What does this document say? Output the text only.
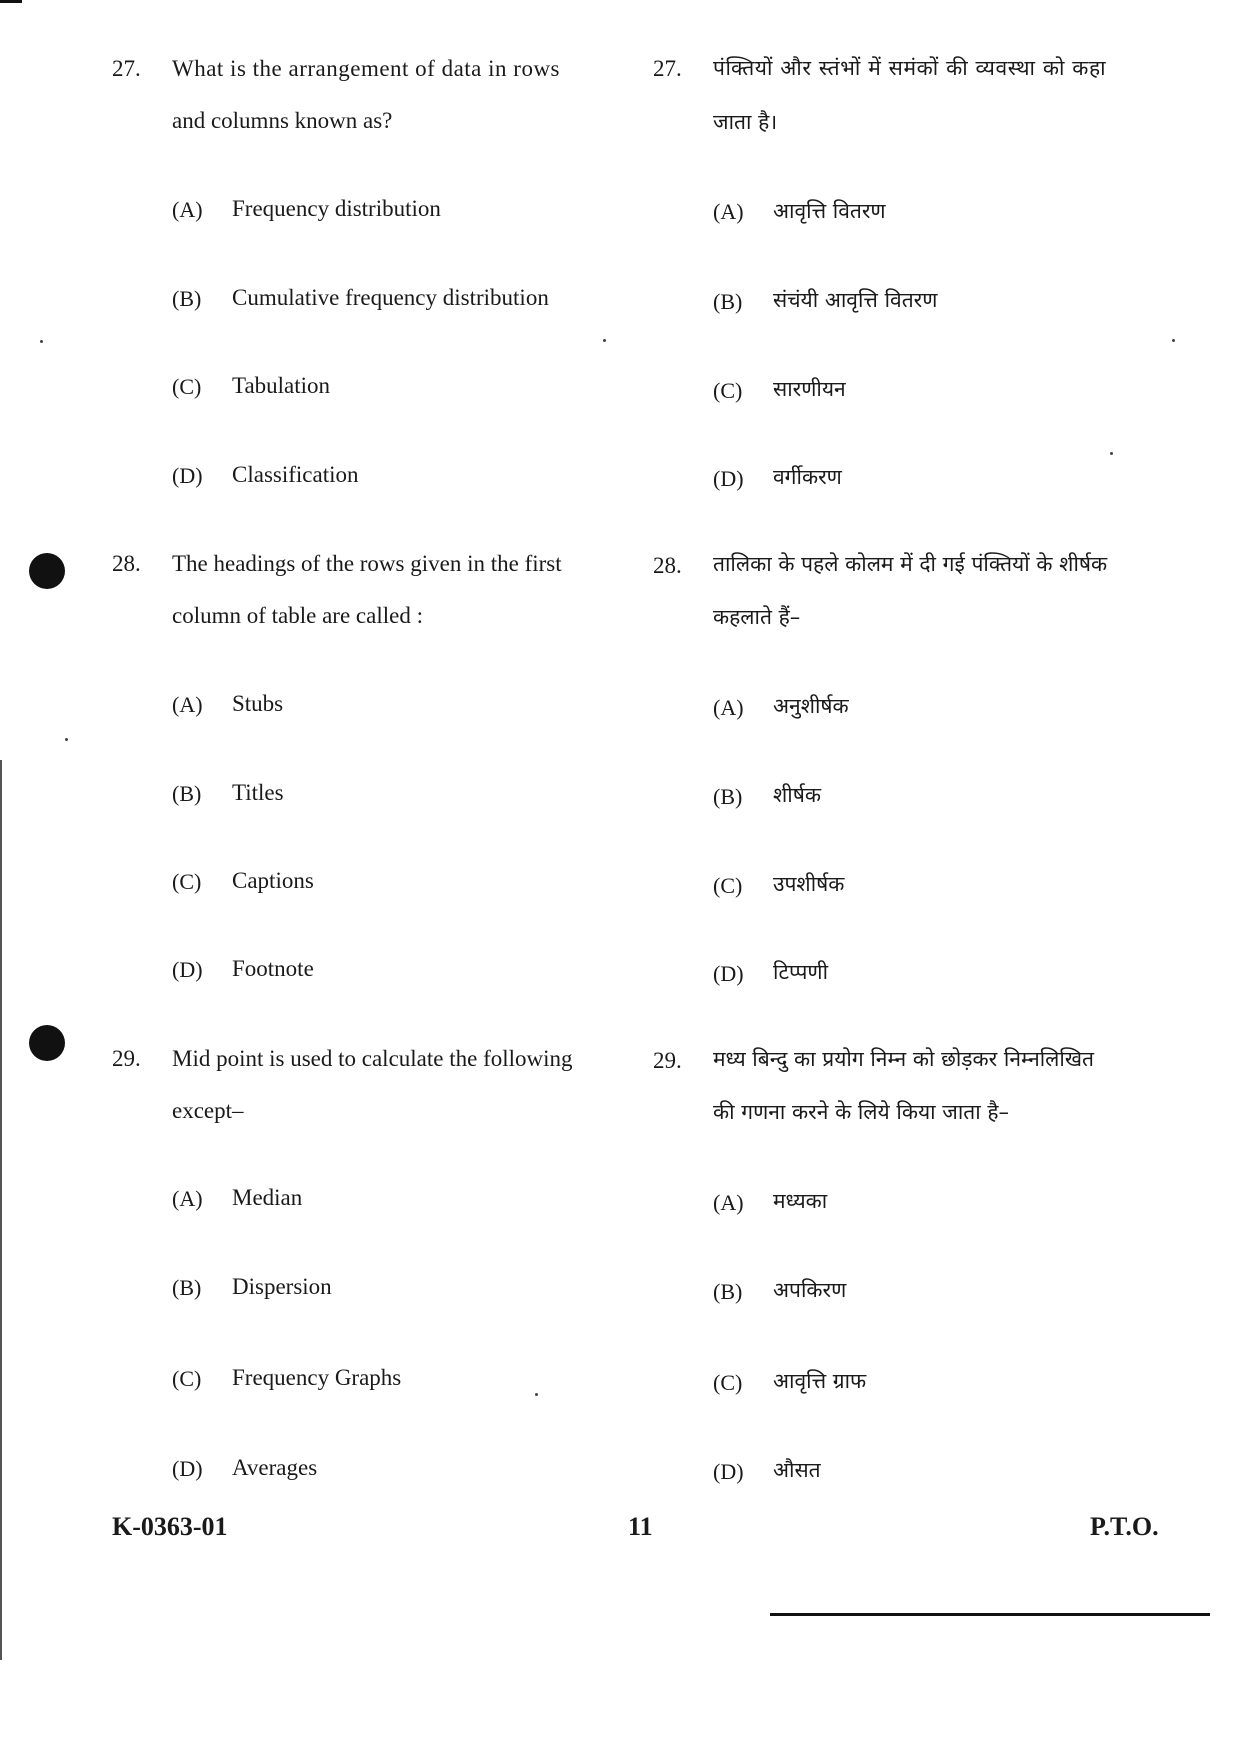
27. What is the arrangement of data in rows
and columns known as?
27. पंक्तियों और स्तंभों में समंकों की व्यवस्था को कहा
जाता है।
(A) Frequency distribution	(A) आवृत्ति वितरण
(B) Cumulative frequency distribution	(B) संचंयी आवृत्ति वितरण
(C) Tabulation	(C) सारणीयन
(D) Classification	(D) वर्गीकरण
28. The headings of the rows given in the first
column of table are called :
28. तालिका के पहले कोलम में दी गई पंक्तियों के शीर्षक
कहलाते हैं–
(A) Stubs	(A) अनुशीर्षक
(B) Titles	(B) शीर्षक
(C) Captions	(C) उपशीर्षक
(D) Footnote	(D) टिप्पणी
29. Mid point is used to calculate the following
except–
29. मध्य बिन्दु का प्रयोग निम्न को छोड़कर निम्नलिखित
की गणना करने के लिये किया जाता है–
(A) Median	(A) मध्यका
(B) Dispersion	(B) अपकिरण
(C) Frequency Graphs	(C) आवृत्ति ग्राफ
(D) Averages	(D) औसत
K-0363-01	11	P.T.O.
